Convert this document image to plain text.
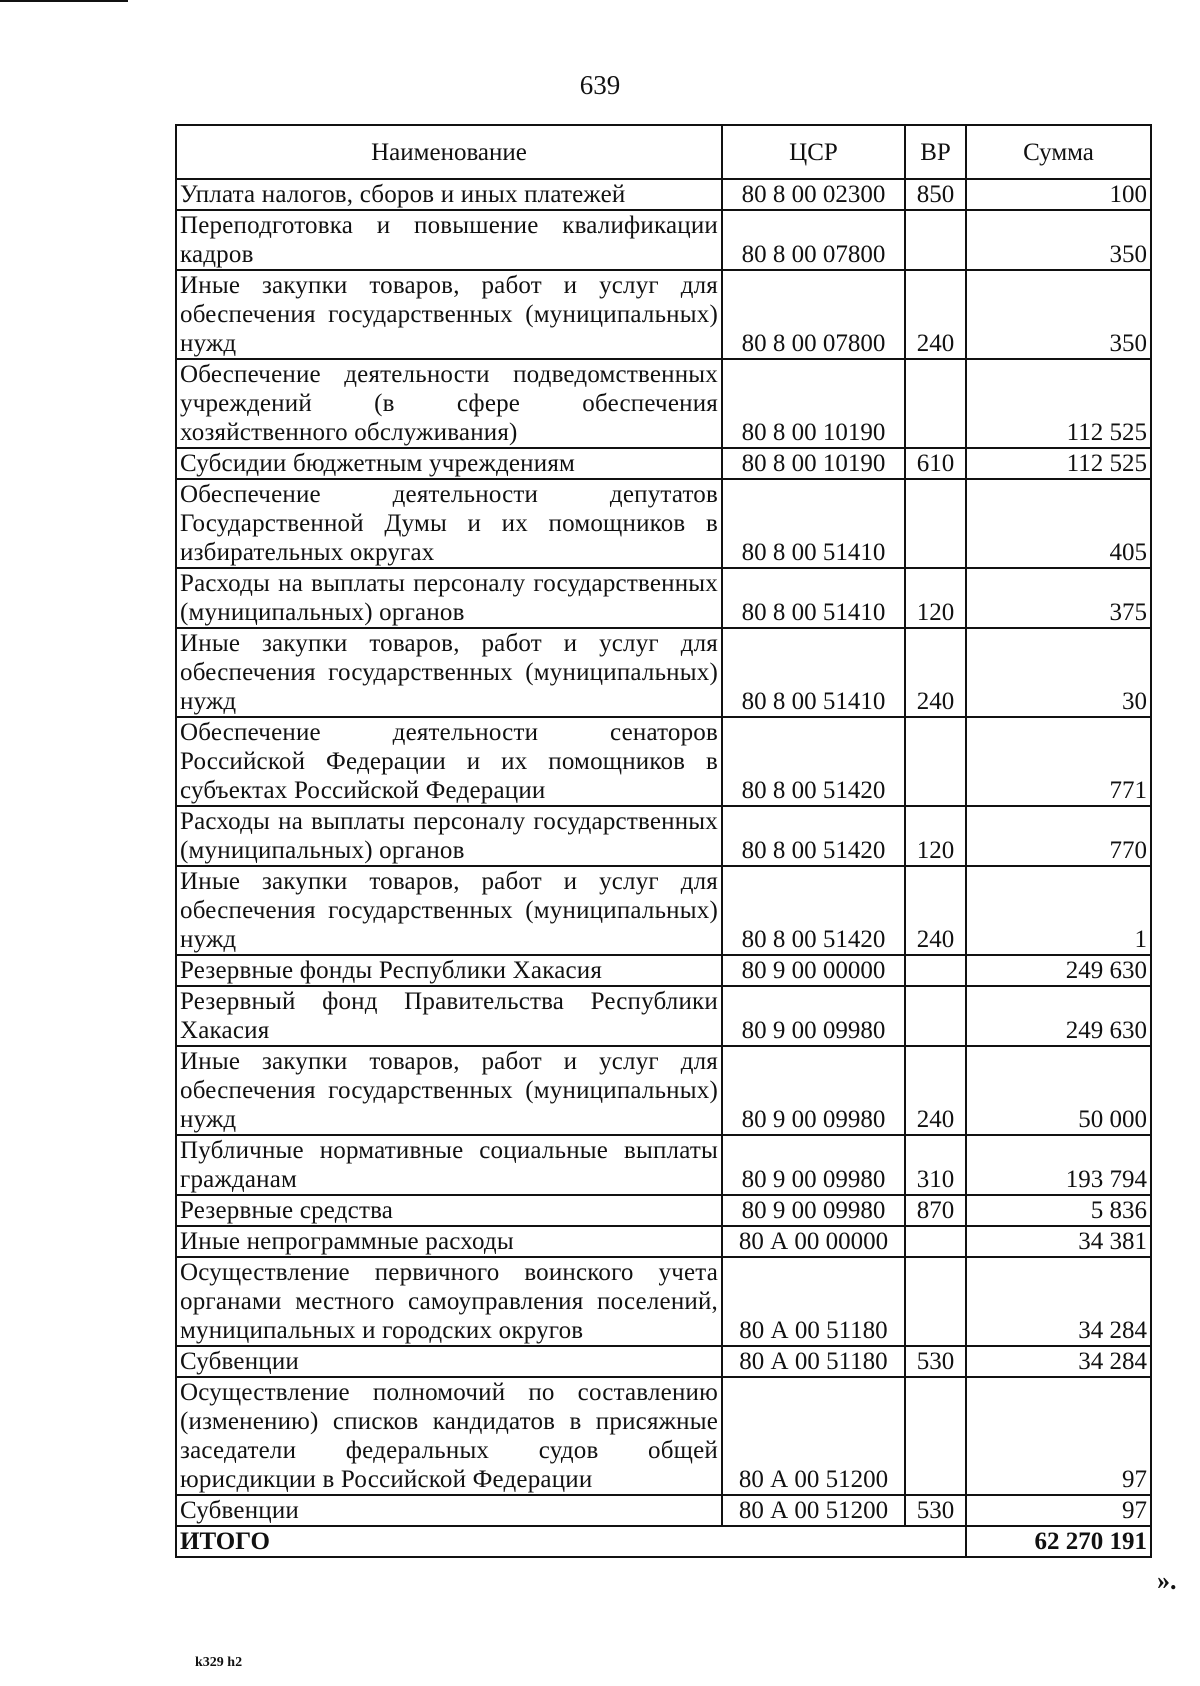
639
Наименование	ЦСР	ВР	Сумма
Уплата налогов, сборов и иных платежей	80 8 00 02300	850	100
Переподготовка и повышение квалификации кадров	80 8 00 07800		350
Иные закупки товаров, работ и услуг для обеспечения государственных (муниципальных) нужд	80 8 00 07800	240	350
Обеспечение деятельности подведомственных учреждений (в сфере обеспечения хозяйственного обслуживания)	80 8 00 10190		112 525
Субсидии бюджетным учреждениям	80 8 00 10190	610	112 525
Обеспечение деятельности депутатов Государственной Думы и их помощников в избирательных округах	80 8 00 51410		405
Расходы на выплаты персоналу государственных (муниципальных) органов	80 8 00 51410	120	375
Иные закупки товаров, работ и услуг для обеспечения государственных (муниципальных) нужд	80 8 00 51410	240	30
Обеспечение деятельности сенаторов Российской Федерации и их помощников в субъектах Российской Федерации	80 8 00 51420		771
Расходы на выплаты персоналу государственных (муниципальных) органов	80 8 00 51420	120	770
Иные закупки товаров, работ и услуг для обеспечения государственных (муниципальных) нужд	80 8 00 51420	240	1
Резервные фонды Республики Хакасия	80 9 00 00000		249 630
Резервный фонд Правительства Республики Хакасия	80 9 00 09980		249 630
Иные закупки товаров, работ и услуг для обеспечения государственных (муниципальных) нужд	80 9 00 09980	240	50 000
Публичные нормативные социальные выплаты гражданам	80 9 00 09980	310	193 794
Резервные средства	80 9 00 09980	870	5 836
Иные непрограммные расходы	80 А 00 00000		34 381
Осуществление первичного воинского учета органами местного самоуправления поселений, муниципальных и городских округов	80 А 00 51180		34 284
Субвенции	80 А 00 51180	530	34 284
Осуществление полномочий по составлению (изменению) списков кандидатов в присяжные заседатели федеральных судов общей юрисдикции в Российской Федерации	80 А 00 51200		97
Субвенции	80 А 00 51200	530	97
ИТОГО			62 270 191
».
k329 h2
